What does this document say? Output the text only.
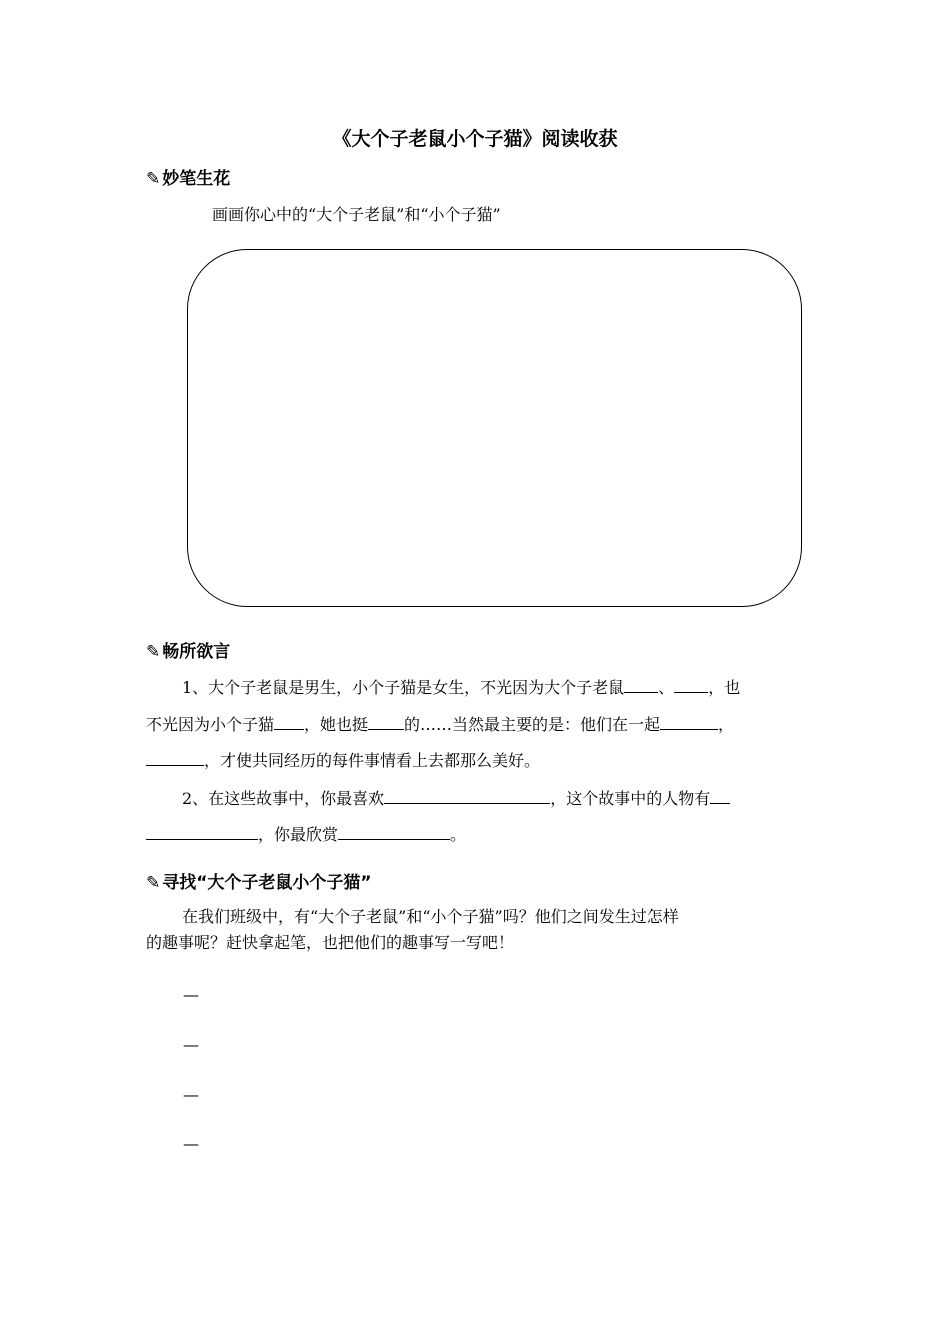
《大个子老鼠小个子猫》阅读收获
✎ 妙笔生花
画画你心中的“大个子老鼠”和“小个子猫”
✎ 畅所欲言
1、大个子老鼠是男生，小个子猫是女生，不光因为大个子老鼠 、 ，也
不光因为小个子猫 ，她也挺 的……当然最主要的是：他们在一起	，
，才使共同经历的每件事情看上去都那么美好。
2、在这些故事中，你最喜欢	，这个故事中的人物有
，你最欣赏	。
✎ 寻找“大个子老鼠小个子猫”
在我们班级中，有“大个子老鼠”和“小个子猫”吗？他们之间发生过怎样
的趣事呢？赶快拿起笔，也把他们的趣事写一写吧！
—
—
—
—
